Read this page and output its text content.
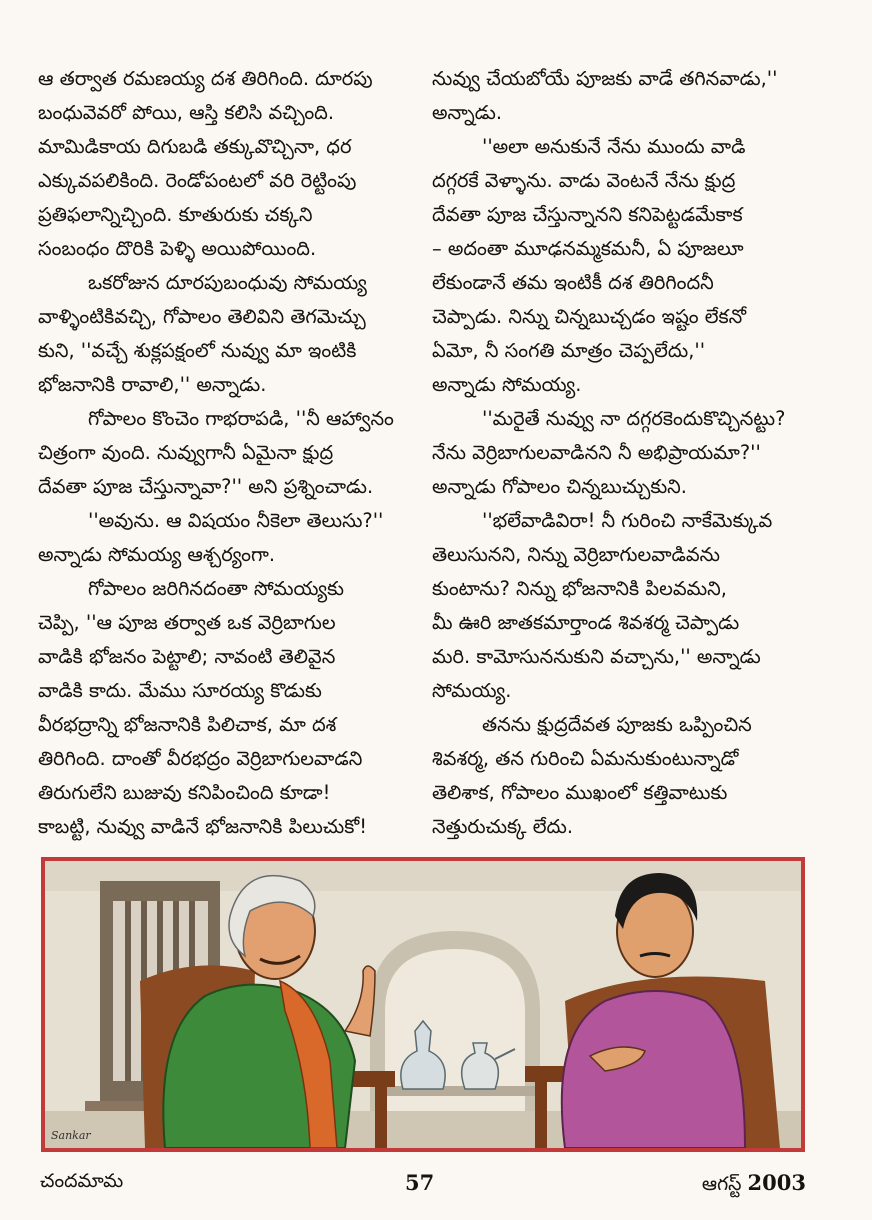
ఆ తర్వాత రమణయ్య దశ తిరిగింది. దూరపు
బంధువెవరో పోయి, ఆస్తి కలిసి వచ్చింది.
మామిడికాయ దిగుబడి తక్కువొచ్చినా, ధర
ఎక్కువపలికింది. రెండోపంటలో వరి రెట్టింపు
ప్రతిఫలాన్నిచ్చింది. కూతురుకు చక్కని
సంబంధం దొరికి పెళ్ళి అయిపోయింది.

ఒకరోజున దూరపుబంధువు సోమయ్య
వాళ్ళింటికివచ్చి, గోపాలం తెలివిని తెగమెచ్చు
కుని, ''వచ్చే శుక్లపక్షంలో నువ్వు మా ఇంటికి
భోజనానికి రావాలి,'' అన్నాడు.

గోపాలం కొంచెం గాభరాపడి, ''నీ ఆహ్వానం
చిత్రంగా వుంది. నువ్వుగానీ ఏమైనా క్షుద్ర
దేవతా పూజ చేస్తున్నావా?'' అని ప్రశ్నించాడు.

''అవును. ఆ విషయం నీకెలా తెలుసు?''
అన్నాడు సోమయ్య ఆశ్చర్యంగా.

గోపాలం జరిగినదంతా సోమయ్యకు
చెప్పి, ''ఆ పూజ తర్వాత ఒక వెర్రిబాగుల
వాడికి భోజనం పెట్టాలి; నావంటి తెలివైన
వాడికి కాదు. మేము సూరయ్య కొడుకు
వీరభద్రాన్ని భోజనానికి పిలిచాక, మా దశ
తిరిగింది. దాంతో వీరభద్రం వెర్రిబాగులవాడని
తిరుగులేని బుజువు కనిపించింది కూడా!
కాబట్టి, నువ్వు వాడినే భోజనానికి పిలుచుకో!

నువ్వు చేయబోయే పూజకు వాడే తగినవాడు,''
అన్నాడు.

''అలా అనుకునే నేను ముందు వాడి
దగ్గరకే వెళ్ళాను. వాడు వెంటనే నేను క్షుద్ర
దేవతా పూజ చేస్తున్నానని కనిపెట్టడమేకాక
– అదంతా మూఢనమ్మకమనీ, ఏ పూజలూ
లేకుండానే తమ ఇంటికీ దశ తిరిగిందనీ
చెప్పాడు. నిన్ను చిన్నబుచ్చడం ఇష్టం లేకనో
ఏమో, నీ సంగతి మాత్రం చెప్పలేదు,''
అన్నాడు సోమయ్య.

''మరైతే నువ్వు నా దగ్గరకెందుకొచ్చినట్టు?
నేను వెర్రిబాగులవాడినని నీ అభిప్రాయమా?''
అన్నాడు గోపాలం చిన్నబుచ్చుకుని.

''భలేవాడివిరా! నీ గురించి నాకేమెక్కువ
తెలుసునని, నిన్ను వెర్రిబాగులవాడివను
కుంటాను? నిన్ను భోజనానికి పిలవమని,
మీ ఊరి జాతకమార్తాండ శివశర్మ చెప్పాడు
మరి. కామోసుననుకుని వచ్చాను,'' అన్నాడు
సోమయ్య.

తనను క్షుద్రదేవత పూజకు ఒప్పించిన
శివశర్మ, తన గురించి ఏమనుకుంటున్నాడో
తెలిశాక, గోపాలం ముఖంలో కత్తివాటుకు
నెత్తురుచుక్క లేదు.

Sankar
చందమామ	57	ఆగస్ట్ 2003
